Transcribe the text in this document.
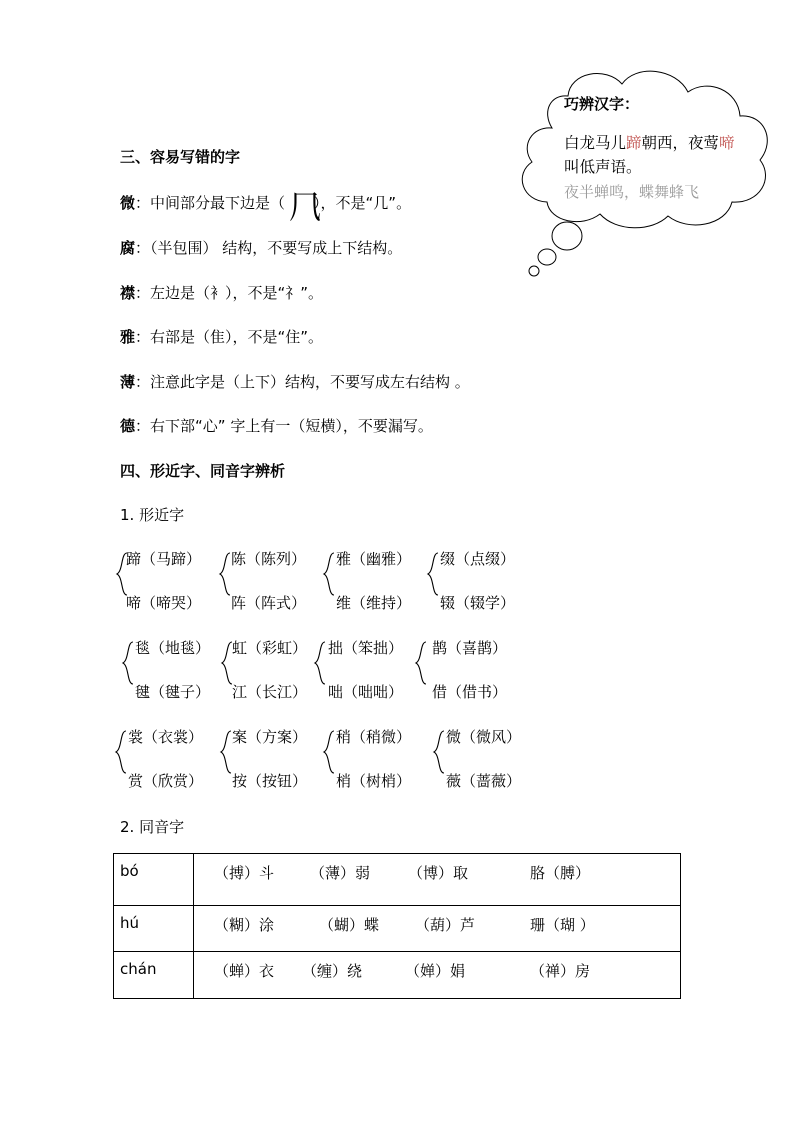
巧辨汉字：
白龙马儿蹄朝西，夜莺啼叫低声语。
三、容易写错的字
微：中间部分最下边是（ 𠘨
），不是“几”。
腐：（半包围） 结构，不要写成上下结构。
襟：左边是（衤），不是“礻”。
雅：右部是（隹），不是“住”。
薄：注意此字是（上下）结构，不要写成左右结构 。
德：右下部“心” 字上有一（短横），不要漏写。
四、形近字、同音字辨析
1. 形近字
蹄（马蹄）
啼（啼哭）
陈（陈列）
阵（阵式）
雅（幽雅）
维（维持）
缀（点缀）
辍（辍学）
毯（地毯）
毽（毽子）
虹（彩虹）
江（长江）
拙（笨拙）
咄（咄咄）
鹊（喜鹊）
借（借书）
裳（衣裳）
赏（欣赏）
案（方案）
按（按钮）
稍（稍微）
梢（树梢）
微（微风）
薇（蔷薇）
2. 同音字
bó	（搏）斗 （薄）弱 （博）取 胳（膊）
hú	（糊）涂 （蝴）蝶 （葫）芦 珊（瑚 ）
chán	（蝉）衣 （缠）绕 （婵）娟 （禅）房
